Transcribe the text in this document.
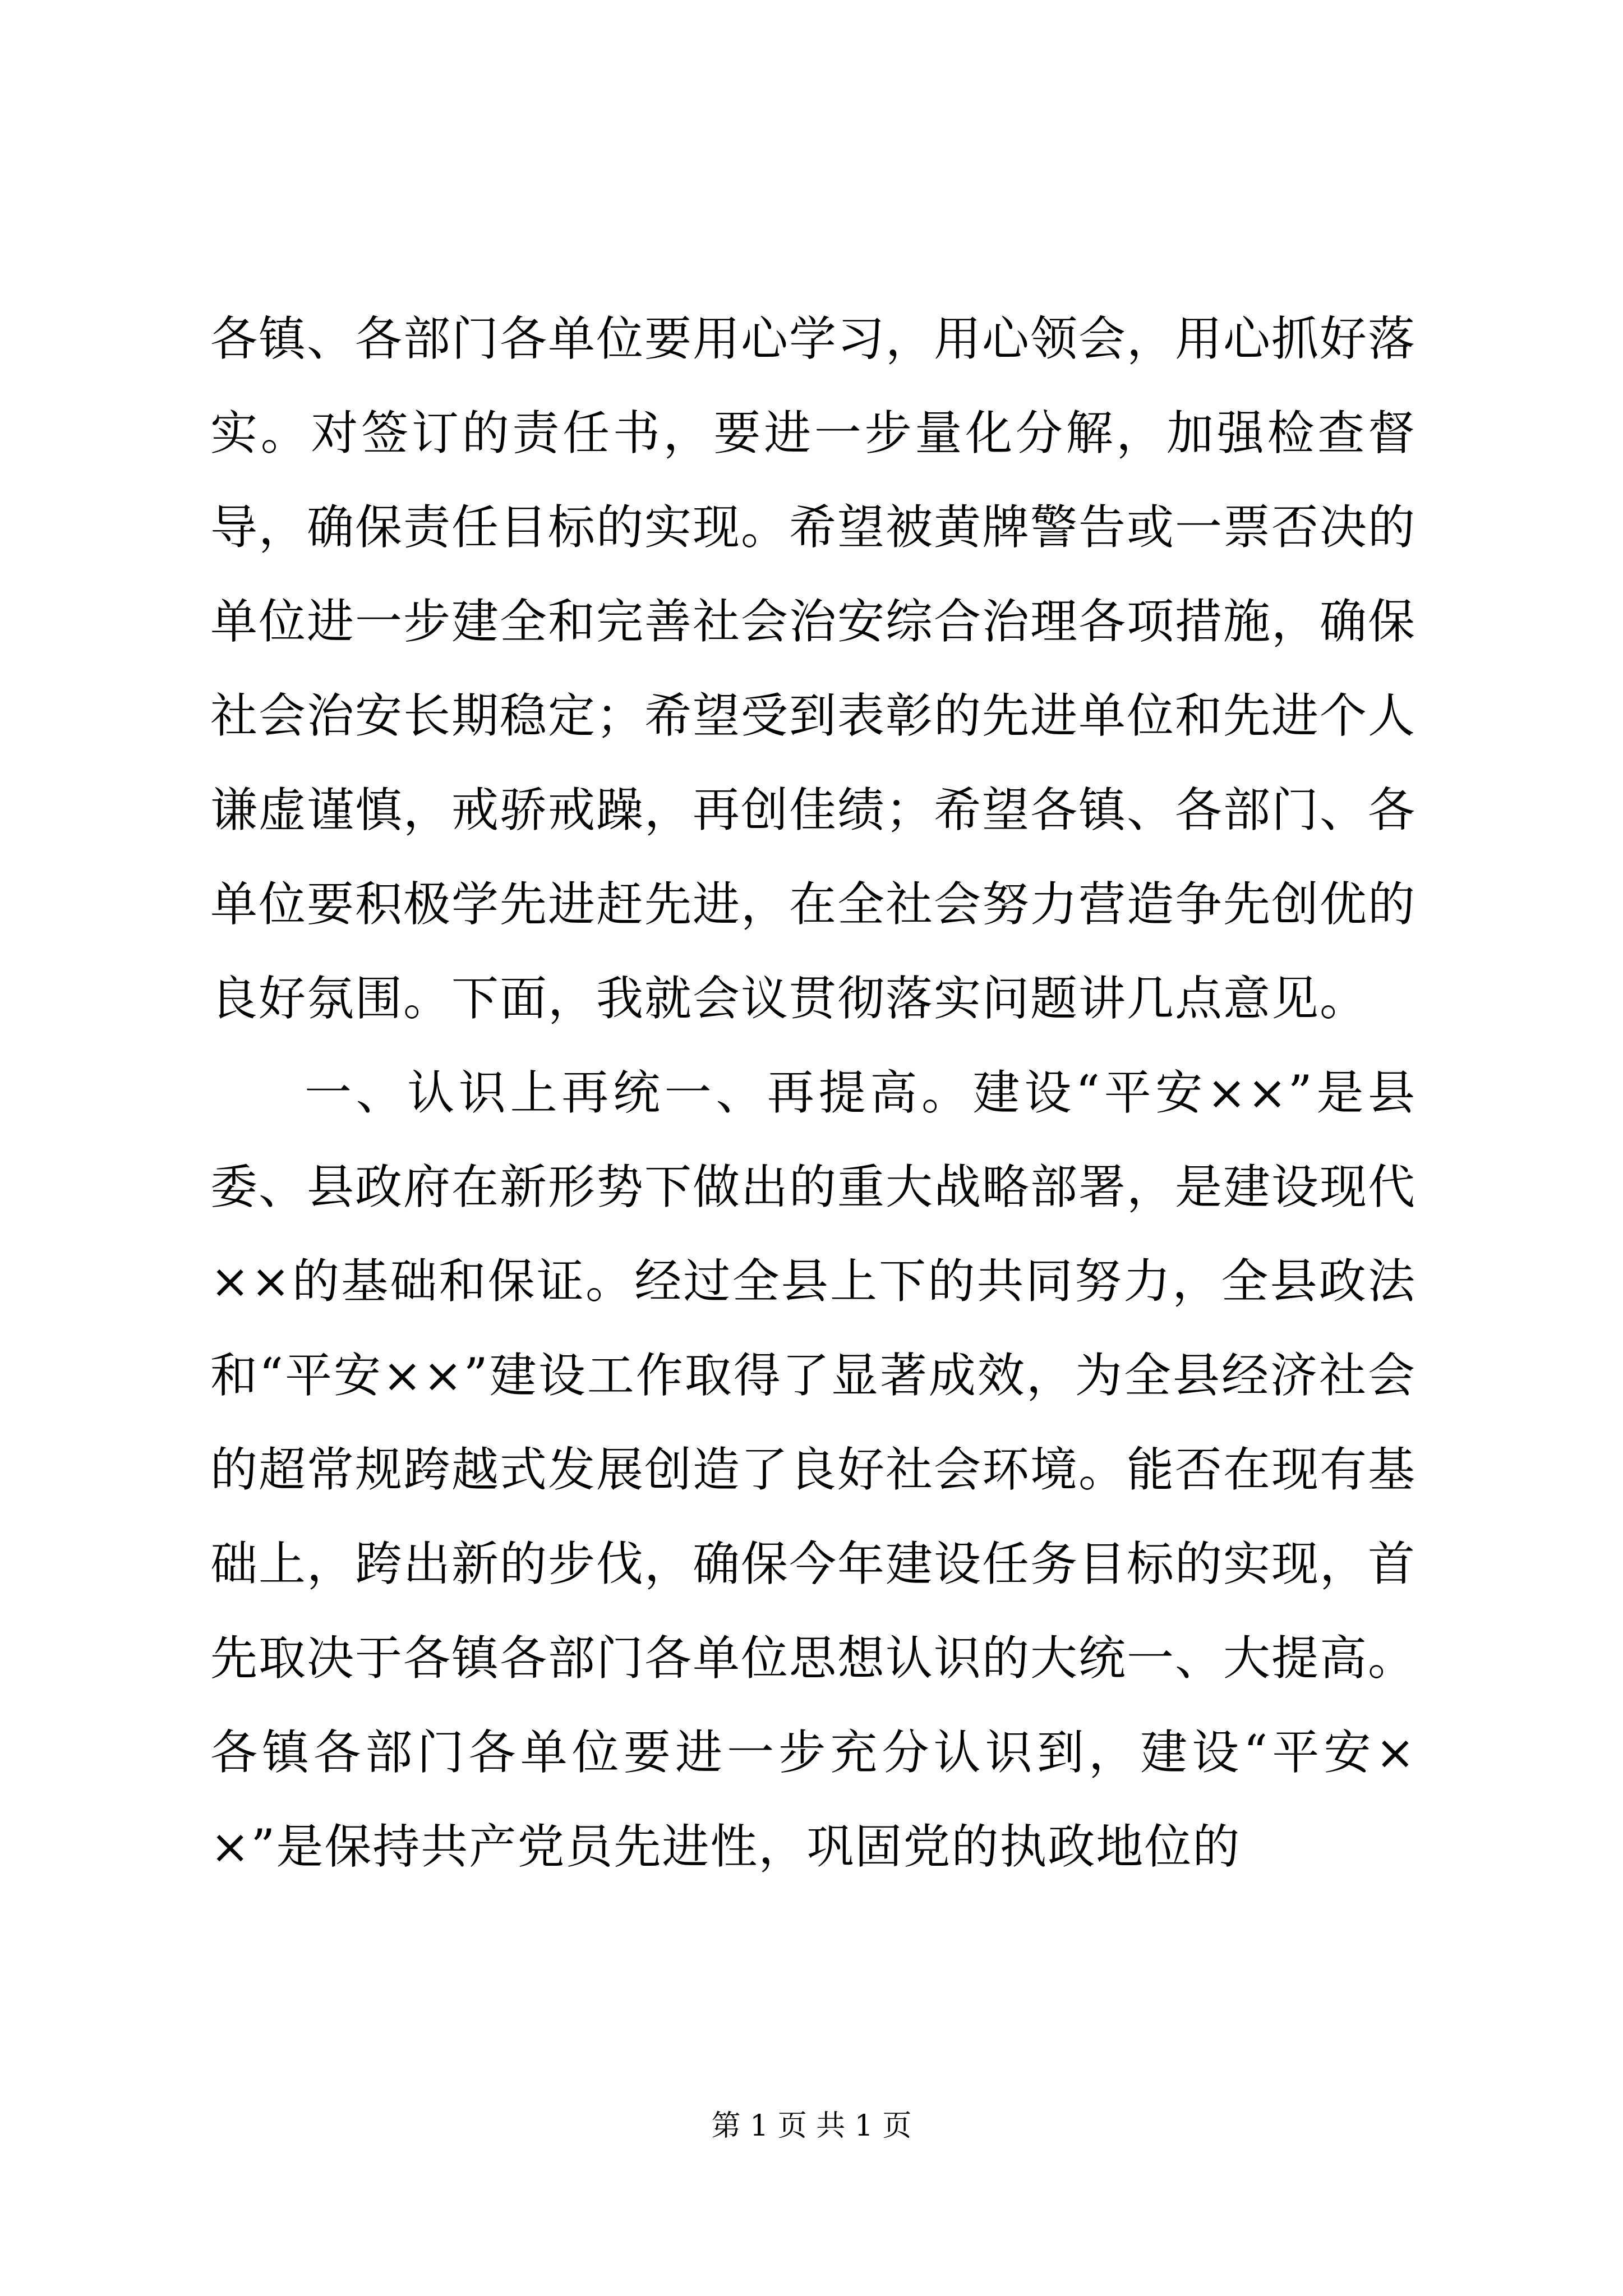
各镇、各部门各单位要用心学习，用心领会，用心抓好落实。对签订的责任书，要进一步量化分解，加强检查督导，确保责任目标的实现。希望被黄牌警告或一票否决的单位进一步建全和完善社会治安综合治理各项措施，确保社会治安长期稳定；希望受到表彰的先进单位和先进个人谦虚谨慎，戒骄戒躁，再创佳绩；希望各镇、各部门、各单位要积极学先进赶先进，在全社会努力营造争先创优的良好氛围。下面，我就会议贯彻落实问题讲几点意见。

一、认识上再统一、再提高。建设“平安××”是县委、县政府在新形势下做出的重大战略部署，是建设现代××的基础和保证。经过全县上下的共同努力，全县政法和“平安××”建设工作取得了显著成效，为全县经济社会的超常规跨越式发展创造了良好社会环境。能否在现有基础上，跨出新的步伐，确保今年建设任务目标的实现，首先取决于各镇各部门各单位思想认识的大统一、大提高。各镇各部门各单位要进一步充分认识到，建设“平安××”是保持共产党员先进性，巩固党的执政地位的

第 1 页 共 1 页
